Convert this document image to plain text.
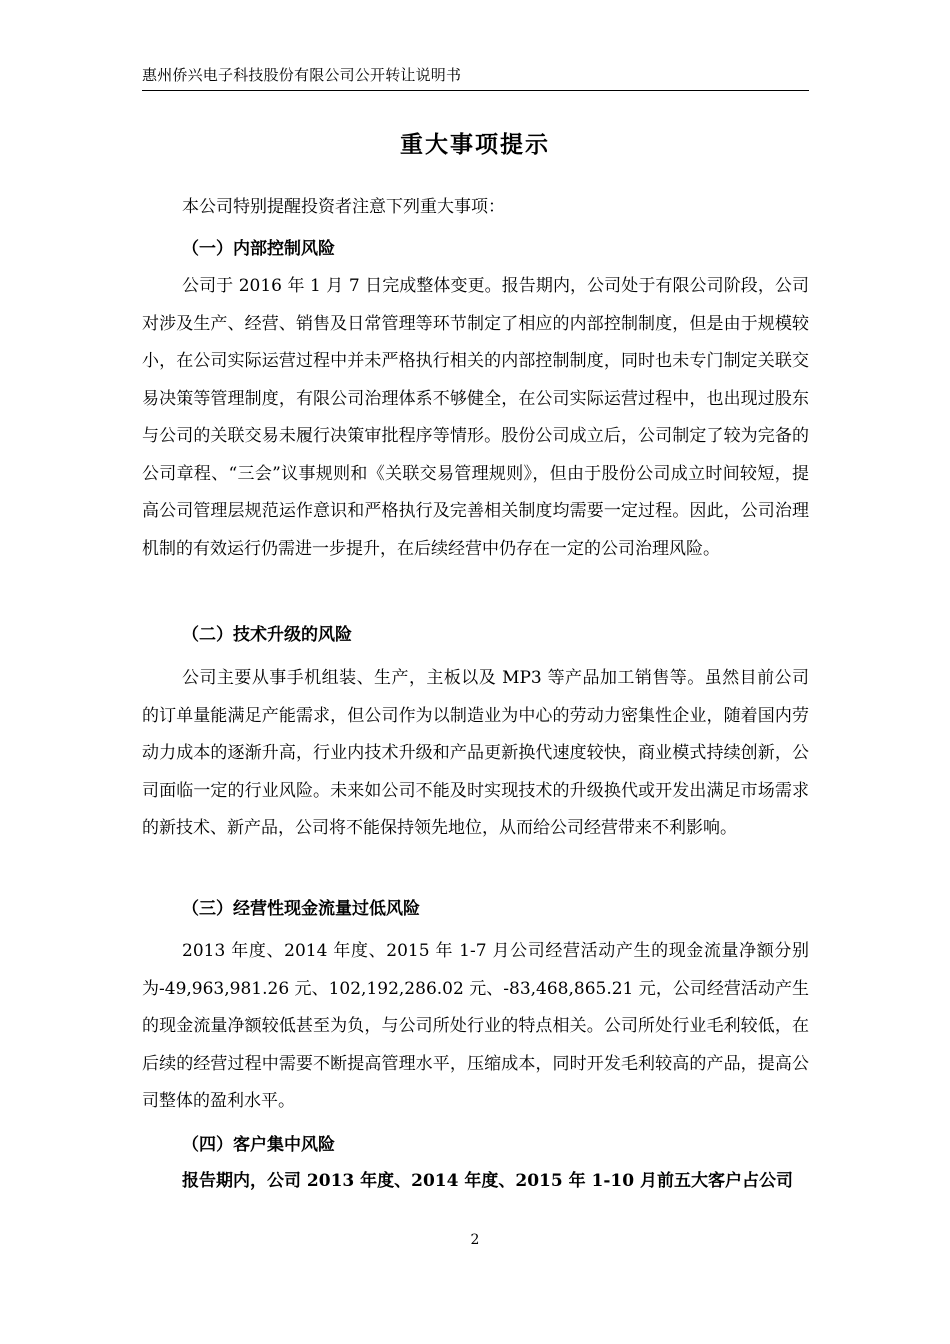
惠州侨兴电子科技股份有限公司公开转让说明书
重大事项提示
本公司特别提醒投资者注意下列重大事项：
（一）内部控制风险
公司于 2016 年 1 月 7 日完成整体变更。报告期内，公司处于有限公司阶段，公司对涉及生产、经营、销售及日常管理等环节制定了相应的内部控制制度，但是由于规模较小，在公司实际运营过程中并未严格执行相关的内部控制制度，同时也未专门制定关联交易决策等管理制度，有限公司治理体系不够健全，在公司实际运营过程中，也出现过股东与公司的关联交易未履行决策审批程序等情形。股份公司成立后，公司制定了较为完备的公司章程、“三会”议事规则和《关联交易管理规则》，但由于股份公司成立时间较短，提高公司管理层规范运作意识和严格执行及完善相关制度均需要一定过程。因此，公司治理机制的有效运行仍需进一步提升，在后续经营中仍存在一定的公司治理风险。
（二）技术升级的风险
公司主要从事手机组装、生产，主板以及 MP3 等产品加工销售等。虽然目前公司的订单量能满足产能需求，但公司作为以制造业为中心的劳动力密集性企业，随着国内劳动力成本的逐渐升高，行业内技术升级和产品更新换代速度较快，商业模式持续创新，公司面临一定的行业风险。未来如公司不能及时实现技术的升级换代或开发出满足市场需求的新技术、新产品，公司将不能保持领先地位，从而给公司经营带来不利影响。
（三）经营性现金流量过低风险
2013 年度、2014 年度、2015 年 1-7 月公司经营活动产生的现金流量净额分别为-49,963,981.26 元、102,192,286.02 元、-83,468,865.21 元，公司经营活动产生的现金流量净额较低甚至为负，与公司所处行业的特点相关。公司所处行业毛利较低，在后续的经营过程中需要不断提高管理水平，压缩成本，同时开发毛利较高的产品，提高公司整体的盈利水平。
（四）客户集中风险
报告期内，公司 2013 年度、2014 年度、2015 年 1-10 月前五大客户占公司
2
